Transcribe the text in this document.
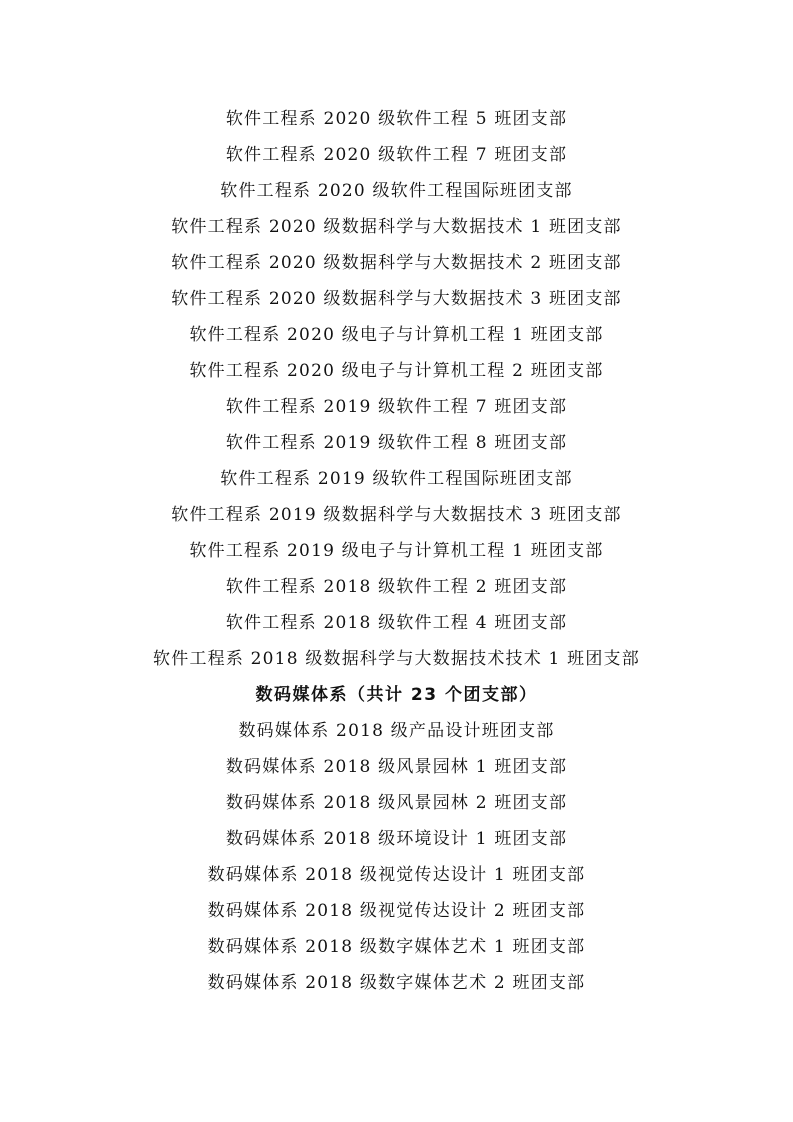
软件工程系 2020 级软件工程 5 班团支部
软件工程系 2020 级软件工程 7 班团支部
软件工程系 2020 级软件工程国际班团支部
软件工程系 2020 级数据科学与大数据技术 1 班团支部
软件工程系 2020 级数据科学与大数据技术 2 班团支部
软件工程系 2020 级数据科学与大数据技术 3 班团支部
软件工程系 2020 级电子与计算机工程 1 班团支部
软件工程系 2020 级电子与计算机工程 2 班团支部
软件工程系 2019 级软件工程 7 班团支部
软件工程系 2019 级软件工程 8 班团支部
软件工程系 2019 级软件工程国际班团支部
软件工程系 2019 级数据科学与大数据技术 3 班团支部
软件工程系 2019 级电子与计算机工程 1 班团支部
软件工程系 2018 级软件工程 2 班团支部
软件工程系 2018 级软件工程 4 班团支部
软件工程系 2018 级数据科学与大数据技术技术 1 班团支部
数码媒体系（共计 23 个团支部）
数码媒体系 2018 级产品设计班团支部
数码媒体系 2018 级风景园林 1 班团支部
数码媒体系 2018 级风景园林 2 班团支部
数码媒体系 2018 级环境设计 1 班团支部
数码媒体系 2018 级视觉传达设计 1 班团支部
数码媒体系 2018 级视觉传达设计 2 班团支部
数码媒体系 2018 级数字媒体艺术 1 班团支部
数码媒体系 2018 级数字媒体艺术 2 班团支部
